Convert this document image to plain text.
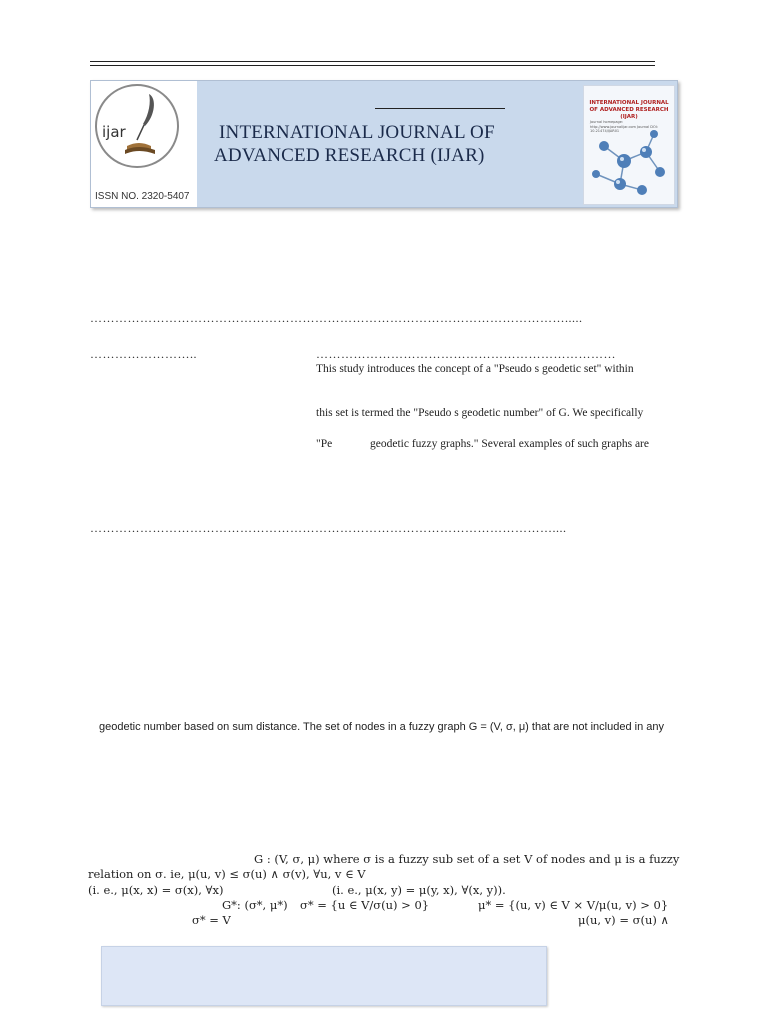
ijar
ISSN NO. 2320-5407
INTERNATIONAL JOURNAL OF
ADVANCED RESEARCH (IJAR)
INTERNATIONAL JOURNAL OF ADVANCED RESEARCH (IJAR)
Journal homepage: http://www.journalijar.com Journal DOI: 10.21474/IJAR01
…………………………………………………………………………………………………….....
……………………..	………………………………………………………………
This study introduces the concept of a "Pseudo s geodetic set" within
this set is termed the "Pseudo s geodetic number" of G. We specifically
"Pe	geodetic fuzzy graphs." Several examples of such graphs are
…………………………………………………………………………………………………....
geodetic number based on sum distance. The set of nodes in a fuzzy graph G = (V, σ, μ) that are not included in any
G : (V, σ, μ) where σ is a fuzzy sub set of a set V of nodes and μ is a fuzzy
relation on σ. ie, μ(u, v) ≤ σ(u) ∧ σ(v), ∀u, v ∈ V
(i. e., μ(x, x) = σ(x), ∀x)	(i. e., μ(x, y) = μ(y, x), ∀(x, y)).
G*: (σ*, μ*) σ* = {u ∈ V/σ(u) > 0}	μ* = {(u, v) ∈ V × V/μ(u, v) > 0}
σ* = V	μ(u, v) = σ(u) ∧
